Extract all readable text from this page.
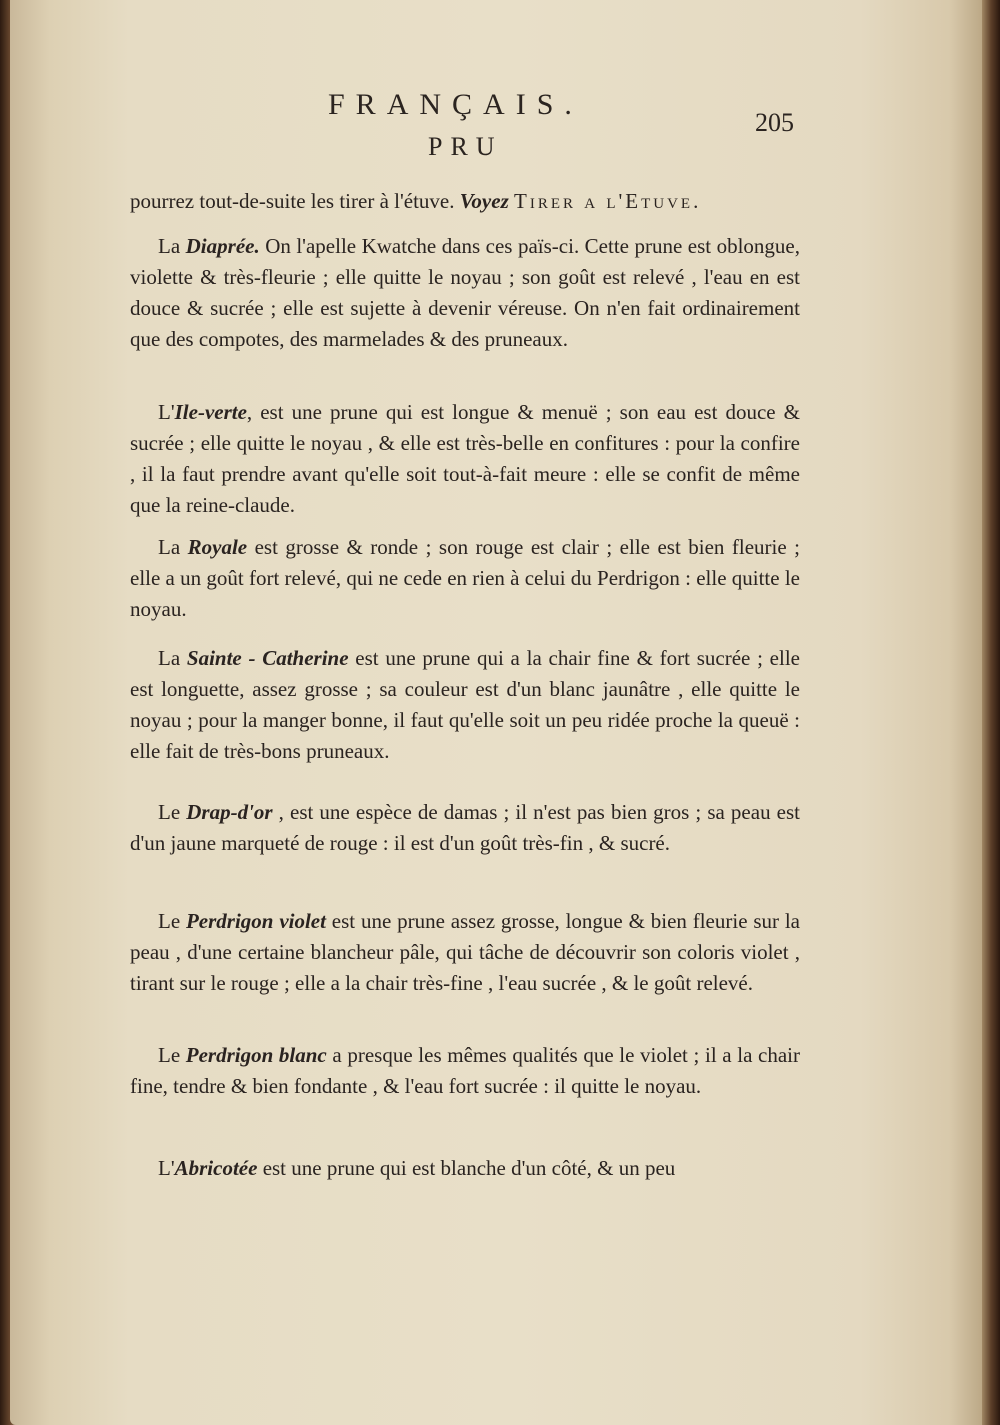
FRANÇAIS.
205
PRU
pourrez tout-de-suite les tirer à l'étuve. Voyez Tirer a l'Etuve.
La Diaprée. On l'apelle Kwatche dans ces païs-ci. Cette prune est oblongue, violette & très-fleurie ; elle quitte le noyau ; son goût est relevé , l'eau en est douce & sucrée ; elle est sujette à devenir véreuse. On n'en fait ordinairement que des compotes, des marmelades & des pruneaux.
L'Ile-verte, est une prune qui est longue & menuë ; son eau est douce & sucrée ; elle quitte le noyau , & elle est très-belle en confitures : pour la confire , il la faut prendre avant qu'elle soit tout-à-fait meure : elle se confit de même que la reine-claude.
La Royale est grosse & ronde ; son rouge est clair ; elle est bien fleurie ; elle a un goût fort relevé, qui ne cede en rien à celui du Perdrigon : elle quitte le noyau.
La Sainte - Catherine est une prune qui a la chair fine & fort sucrée ; elle est longuette, assez grosse ; sa couleur est d'un blanc jaunâtre , elle quitte le noyau ; pour la manger bonne, il faut qu'elle soit un peu ridée proche la queuë : elle fait de très-bons pruneaux.
Le Drap-d'or , est une espèce de damas ; il n'est pas bien gros ; sa peau est d'un jaune marqueté de rouge : il est d'un goût très-fin , & sucré.
Le Perdrigon violet est une prune assez grosse, longue & bien fleurie sur la peau , d'une certaine blancheur pâle, qui tâche de découvrir son coloris violet , tirant sur le rouge ; elle a la chair très-fine , l'eau sucrée , & le goût relevé.
Le Perdrigon blanc a presque les mêmes qualités que le violet ; il a la chair fine, tendre & bien fondante , & l'eau fort sucrée : il quitte le noyau.
L'Abricotée est une prune qui est blanche d'un côté, & un peu
